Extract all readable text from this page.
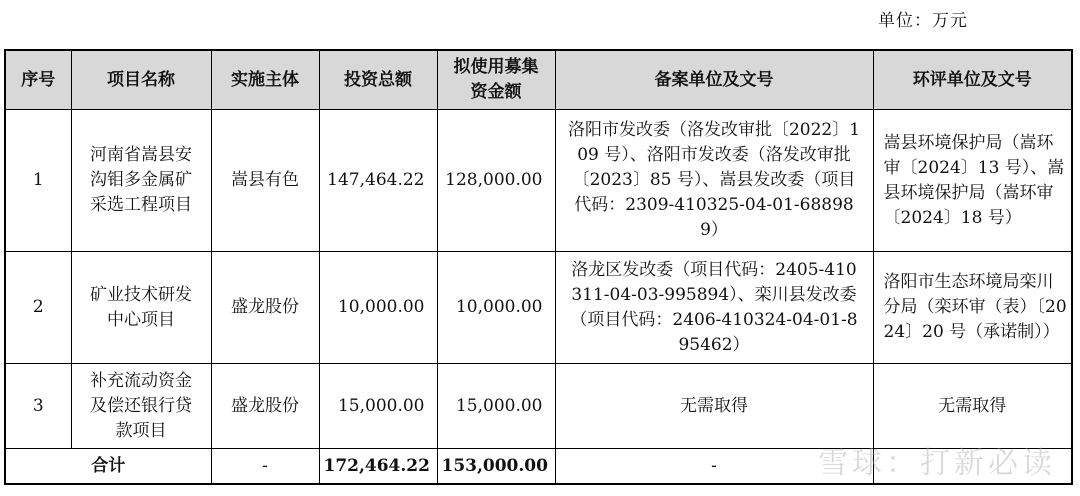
单位：万元
序号	项目名称	实施主体	投资总额	拟使用募集资金额	备案单位及文号	环评单位及文号
1	河南省嵩县安沟钼多金属矿采选工程项目	嵩县有色	147,464.22	128,000.00	洛阳市发改委（洛发改审批〔2022〕109 号）、洛阳市发改委（洛发改审批〔2023〕85 号）、嵩县发改委（项目代码：2309-410325-04-01-688989）	嵩县环境保护局（嵩环审〔2024〕13 号）、嵩县环境保护局（嵩环审〔2024〕18 号）
2	矿业技术研发中心项目	盛龙股份	10,000.00	10,000.00	洛龙区发改委（项目代码：2405-410311-04-03-995894）、栾川县发改委（项目代码：2406-410324-04-01-895462）	洛阳市生态环境局栾川分局（栾环审（表）〔2024〕20 号（承诺制））
3	补充流动资金及偿还银行贷款项目	盛龙股份	15,000.00	15,000.00	无需取得	无需取得
合计		-	172,464.22	153,000.00	-		雪球：打新必读
